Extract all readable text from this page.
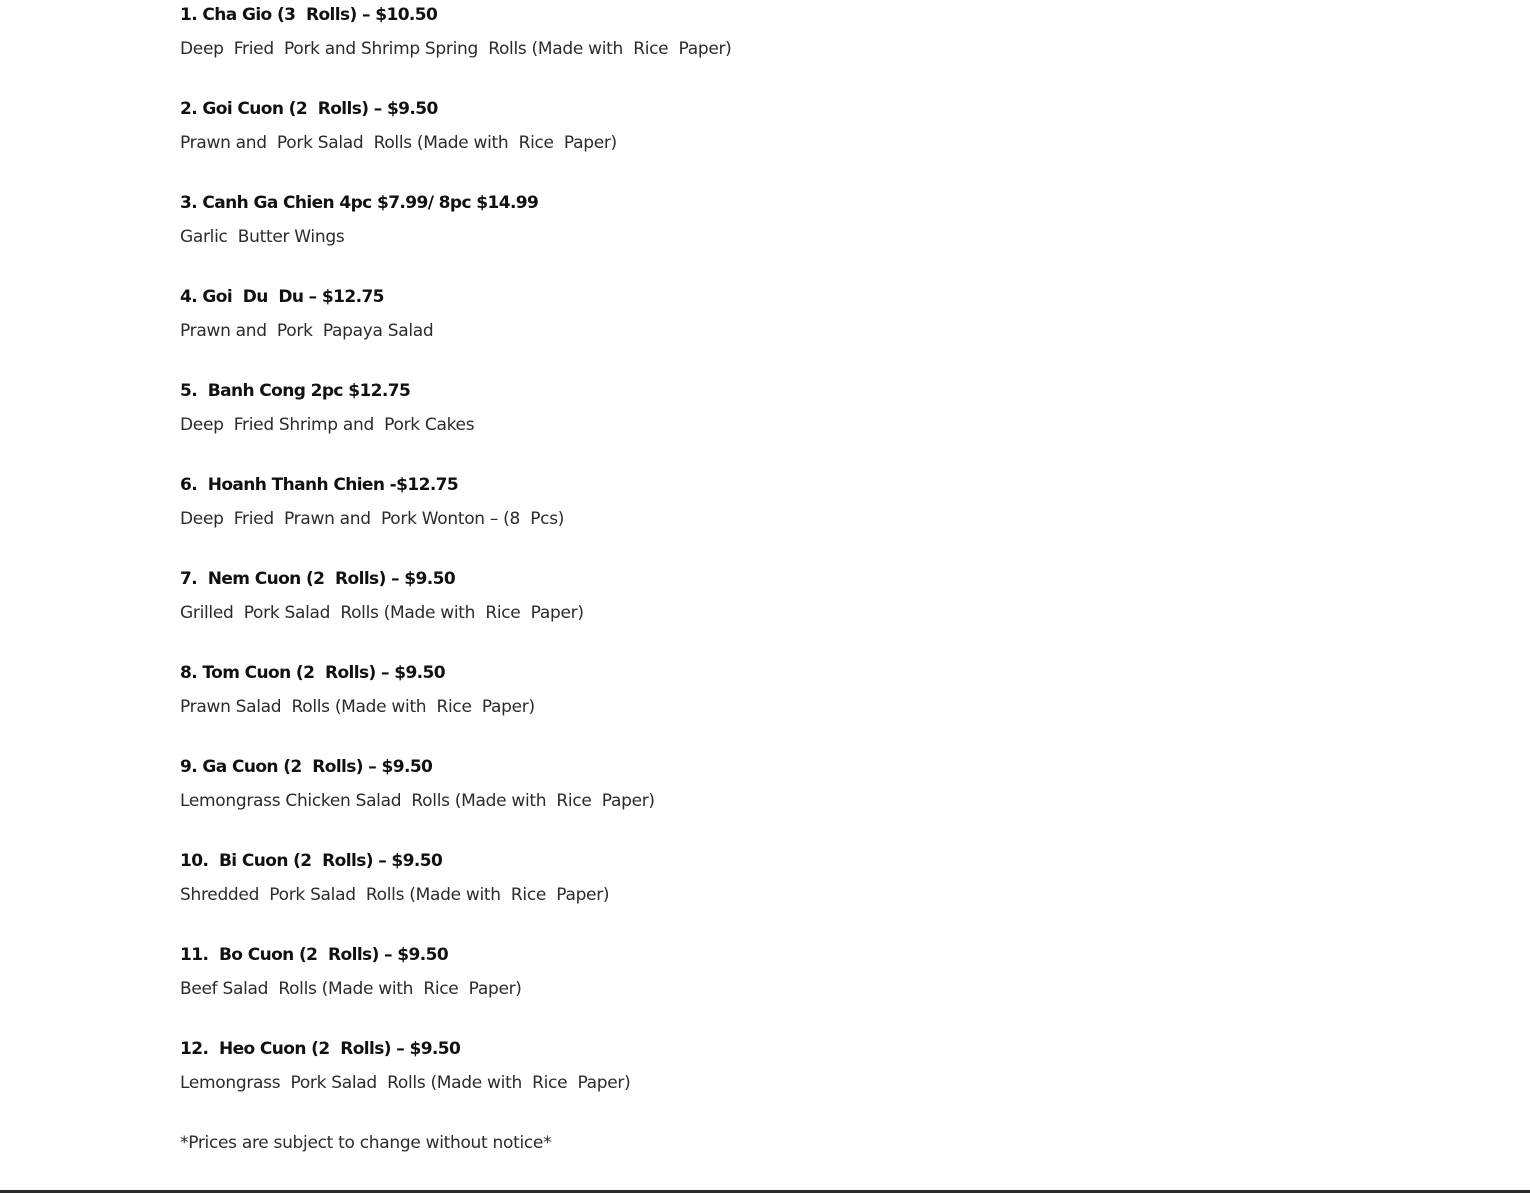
1. Cha Gio (3  Rolls) – $10.50
Deep  Fried  Pork and Shrimp Spring  Rolls (Made with  Rice  Paper)
2. Goi Cuon (2  Rolls) – $9.50
Prawn and  Pork Salad  Rolls (Made with  Rice  Paper)
3. Canh Ga Chien 4pc $7.99/ 8pc $14.99
Garlic  Butter Wings
4. Goi  Du  Du – $12.75
Prawn and  Pork  Papaya Salad
5.  Banh Cong 2pc $12.75
Deep  Fried Shrimp and  Pork Cakes
6.  Hoanh Thanh Chien -$12.75
Deep  Fried  Prawn and  Pork Wonton – (8  Pcs)
7.  Nem Cuon (2  Rolls) – $9.50
Grilled  Pork Salad  Rolls (Made with  Rice  Paper)
8. Tom Cuon (2  Rolls) – $9.50
Prawn Salad  Rolls (Made with  Rice  Paper)
9. Ga Cuon (2  Rolls) – $9.50
Lemongrass Chicken Salad  Rolls (Made with  Rice  Paper)
10.  Bi Cuon (2  Rolls) – $9.50
Shredded  Pork Salad  Rolls (Made with  Rice  Paper)
11.  Bo Cuon (2  Rolls) – $9.50
Beef Salad  Rolls (Made with  Rice  Paper)
12.  Heo Cuon (2  Rolls) – $9.50
Lemongrass  Pork Salad  Rolls (Made with  Rice  Paper)
*Prices are subject to change without notice*
